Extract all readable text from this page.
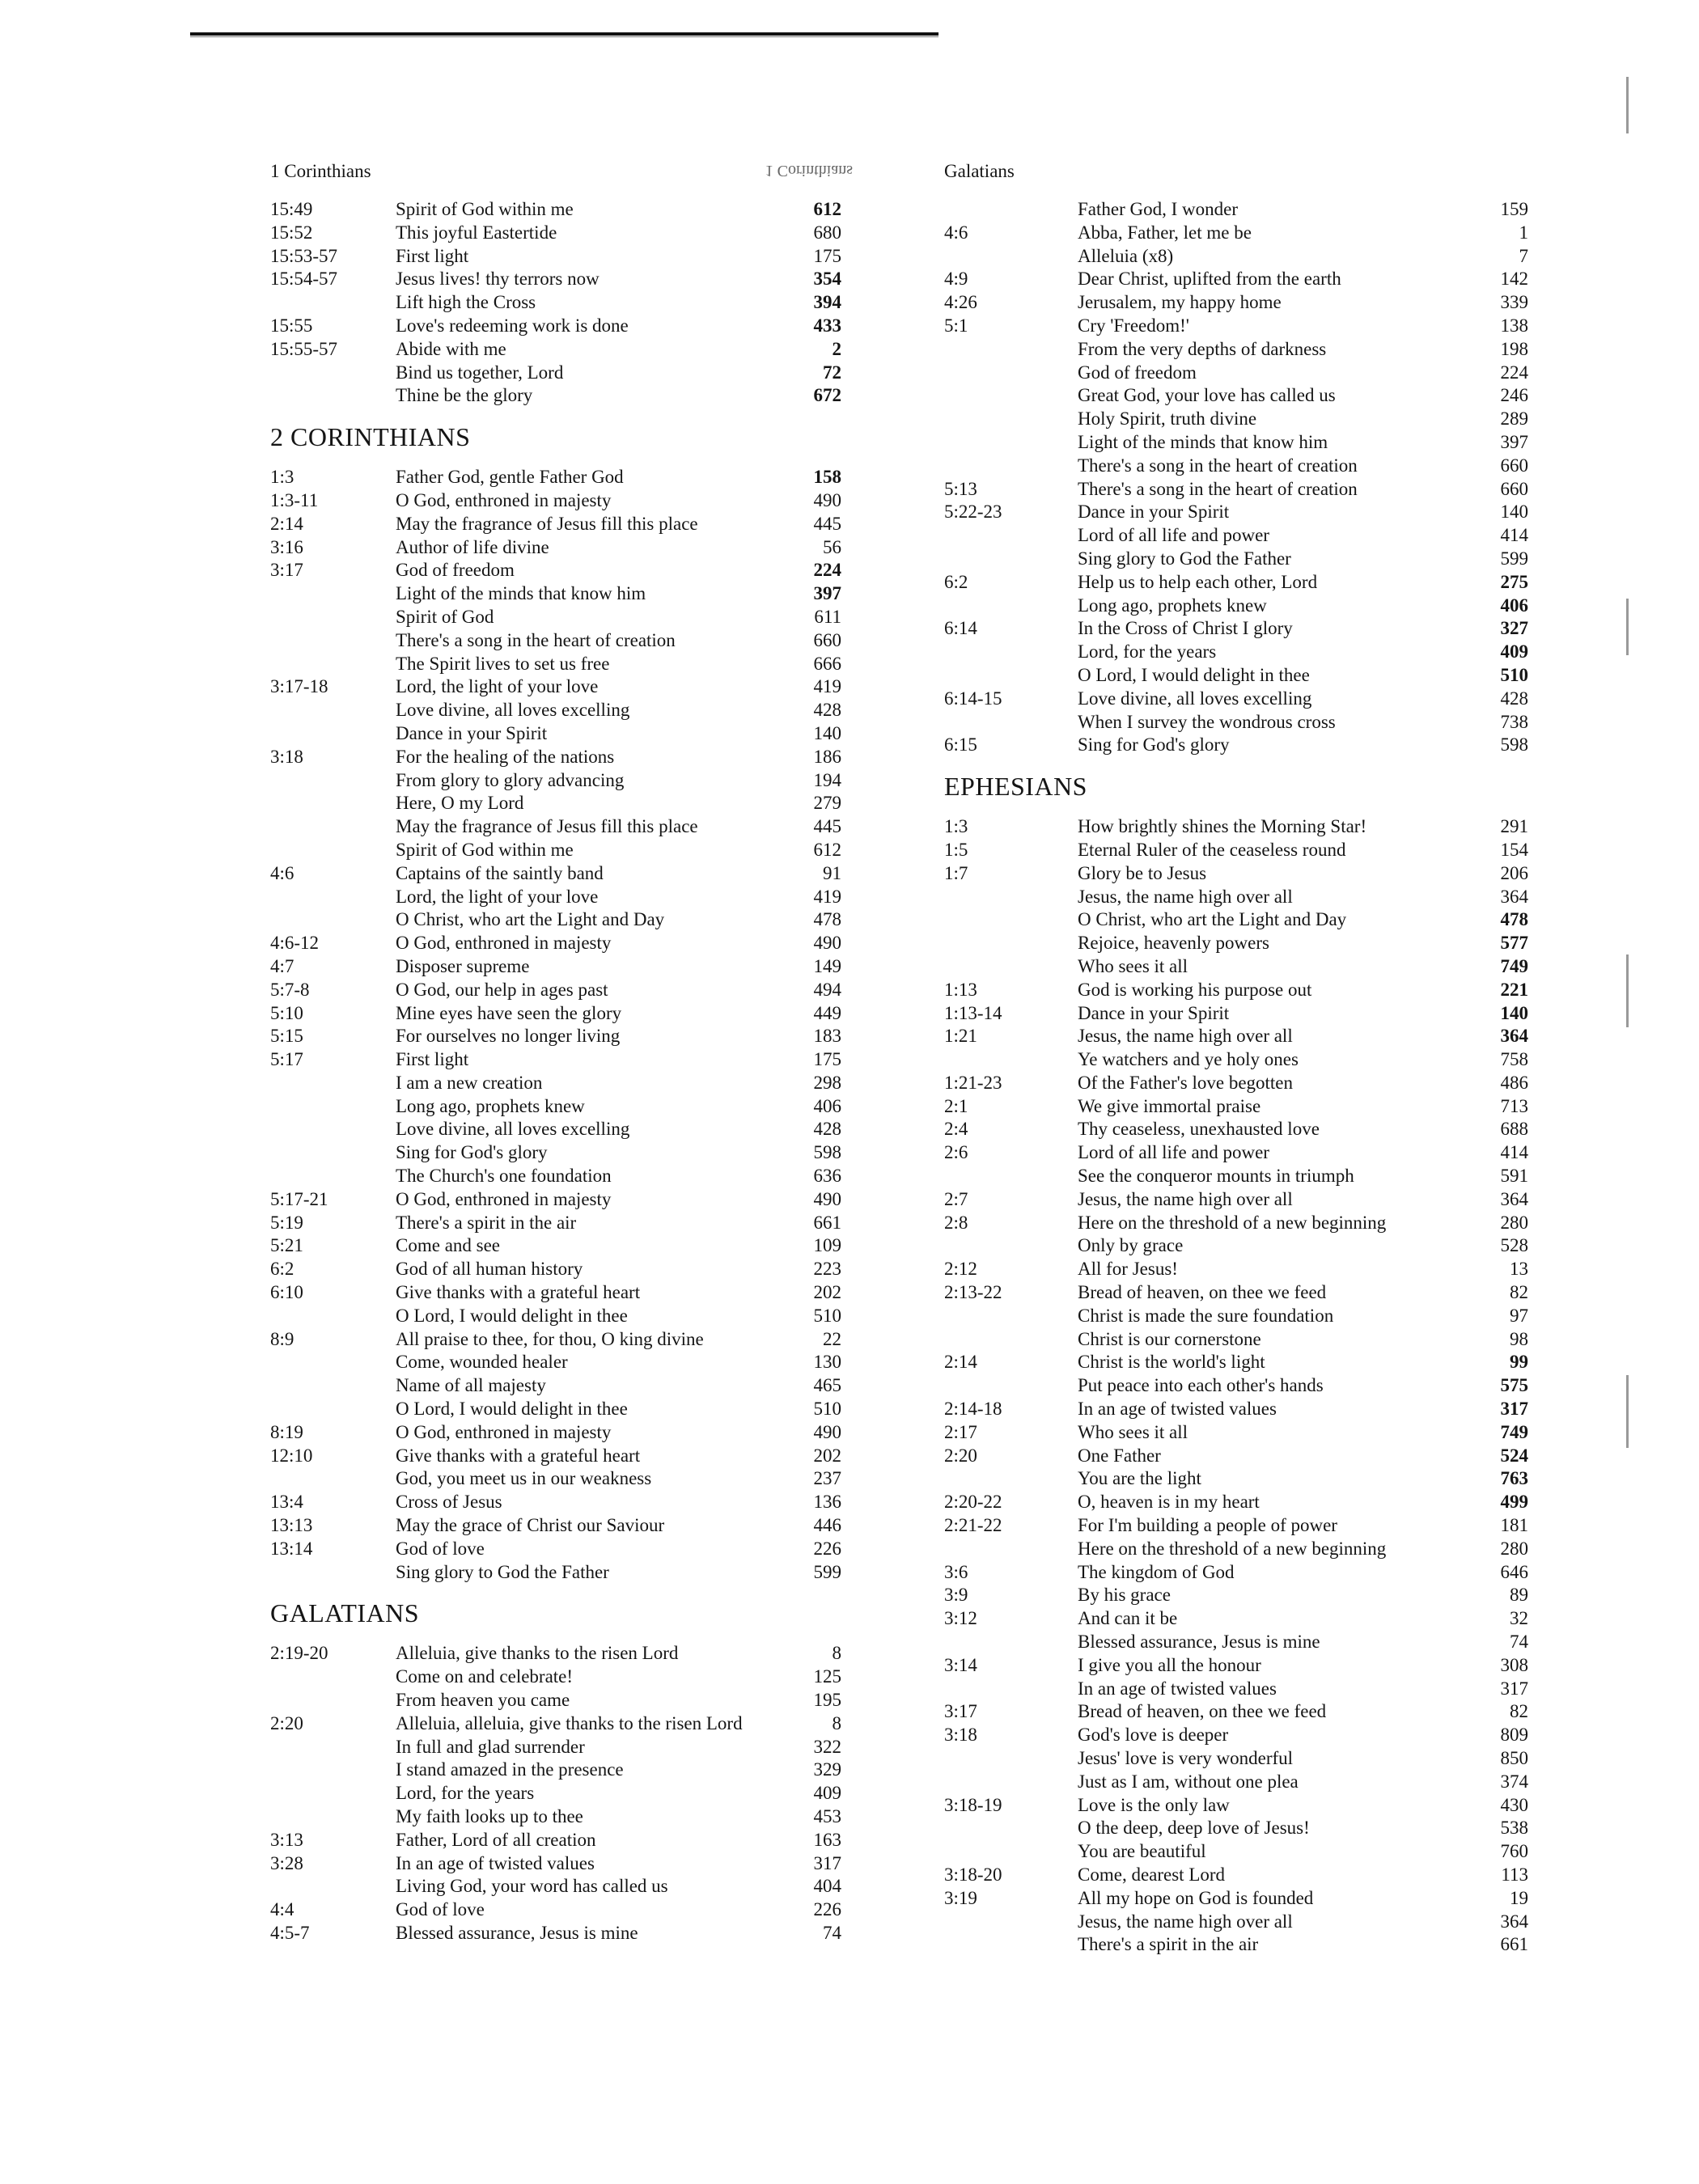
1 Corinthians	1 Corinthians
15:49	Spirit of God within me	612
15:52	This joyful Eastertide	680
15:53-57	First light	175
15:54-57	Jesus lives! thy terrors now	354
Lift high the Cross	394
15:55	Love's redeeming work is done	433
15:55-57	Abide with me	2
Bind us together, Lord	72
Thine be the glory	672
2 CORINTHIANS
1:3	Father God, gentle Father God	158
1:3-11	O God, enthroned in majesty	490
2:14	May the fragrance of Jesus fill this place	445
3:16	Author of life divine	56
3:17	God of freedom	224
Light of the minds that know him	397
Spirit of God	611
There's a song in the heart of creation	660
The Spirit lives to set us free	666
3:17-18	Lord, the light of your love	419
Love divine, all loves excelling	428
Dance in your Spirit	140
3:18	For the healing of the nations	186
From glory to glory advancing	194
Here, O my Lord	279
May the fragrance of Jesus fill this place	445
Spirit of God within me	612
4:6	Captains of the saintly band	91
Lord, the light of your love	419
O Christ, who art the Light and Day	478
4:6-12	O God, enthroned in majesty	490
4:7	Disposer supreme	149
5:7-8	O God, our help in ages past	494
5:10	Mine eyes have seen the glory	449
5:15	For ourselves no longer living	183
5:17	First light	175
I am a new creation	298
Long ago, prophets knew	406
Love divine, all loves excelling	428
Sing for God's glory	598
The Church's one foundation	636
5:17-21	O God, enthroned in majesty	490
5:19	There's a spirit in the air	661
5:21	Come and see	109
6:2	God of all human history	223
6:10	Give thanks with a grateful heart	202
O Lord, I would delight in thee	510
8:9	All praise to thee, for thou, O king divine	22
Come, wounded healer	130
Name of all majesty	465
O Lord, I would delight in thee	510
8:19	O God, enthroned in majesty	490
12:10	Give thanks with a grateful heart	202
God, you meet us in our weakness	237
13:4	Cross of Jesus	136
13:13	May the grace of Christ our Saviour	446
13:14	God of love	226
Sing glory to God the Father	599
GALATIANS
2:19-20	Alleluia, give thanks to the risen Lord	8
Come on and celebrate!	125
From heaven you came	195
2:20	Alleluia, alleluia, give thanks to the risen Lord	8
In full and glad surrender	322
I stand amazed in the presence	329
Lord, for the years	409
My faith looks up to thee	453
3:13	Father, Lord of all creation	163
3:28	In an age of twisted values	317
Living God, your word has called us	404
4:4	God of love	226
4:5-7	Blessed assurance, Jesus is mine	74
Galatians
Father God, I wonder	159
4:6	Abba, Father, let me be	1
Alleluia (x8)	7
4:9	Dear Christ, uplifted from the earth	142
4:26	Jerusalem, my happy home	339
5:1	Cry 'Freedom!'	138
From the very depths of darkness	198
God of freedom	224
Great God, your love has called us	246
Holy Spirit, truth divine	289
Light of the minds that know him	397
There's a song in the heart of creation	660
5:13	There's a song in the heart of creation	660
5:22-23	Dance in your Spirit	140
Lord of all life and power	414
Sing glory to God the Father	599
6:2	Help us to help each other, Lord	275
Long ago, prophets knew	406
6:14	In the Cross of Christ I glory	327
Lord, for the years	409
O Lord, I would delight in thee	510
6:14-15	Love divine, all loves excelling	428
When I survey the wondrous cross	738
6:15	Sing for God's glory	598
EPHESIANS
1:3	How brightly shines the Morning Star!	291
1:5	Eternal Ruler of the ceaseless round	154
1:7	Glory be to Jesus	206
Jesus, the name high over all	364
O Christ, who art the Light and Day	478
Rejoice, heavenly powers	577
Who sees it all	749
1:13	God is working his purpose out	221
1:13-14	Dance in your Spirit	140
1:21	Jesus, the name high over all	364
Ye watchers and ye holy ones	758
1:21-23	Of the Father's love begotten	486
2:1	We give immortal praise	713
2:4	Thy ceaseless, unexhausted love	688
2:6	Lord of all life and power	414
See the conqueror mounts in triumph	591
2:7	Jesus, the name high over all	364
2:8	Here on the threshold of a new beginning	280
Only by grace	528
2:12	All for Jesus!	13
2:13-22	Bread of heaven, on thee we feed	82
Christ is made the sure foundation	97
Christ is our cornerstone	98
2:14	Christ is the world's light	99
Put peace into each other's hands	575
2:14-18	In an age of twisted values	317
2:17	Who sees it all	749
2:20	One Father	524
You are the light	763
2:20-22	O, heaven is in my heart	499
2:21-22	For I'm building a people of power	181
Here on the threshold of a new beginning	280
3:6	The kingdom of God	646
3:9	By his grace	89
3:12	And can it be	32
Blessed assurance, Jesus is mine	74
3:14	I give you all the honour	308
In an age of twisted values	317
3:17	Bread of heaven, on thee we feed	82
3:18	God's love is deeper	809
Jesus' love is very wonderful	850
Just as I am, without one plea	374
3:18-19	Love is the only law	430
O the deep, deep love of Jesus!	538
You are beautiful	760
3:18-20	Come, dearest Lord	113
3:19	All my hope on God is founded	19
Jesus, the name high over all	364
There's a spirit in the air	661
